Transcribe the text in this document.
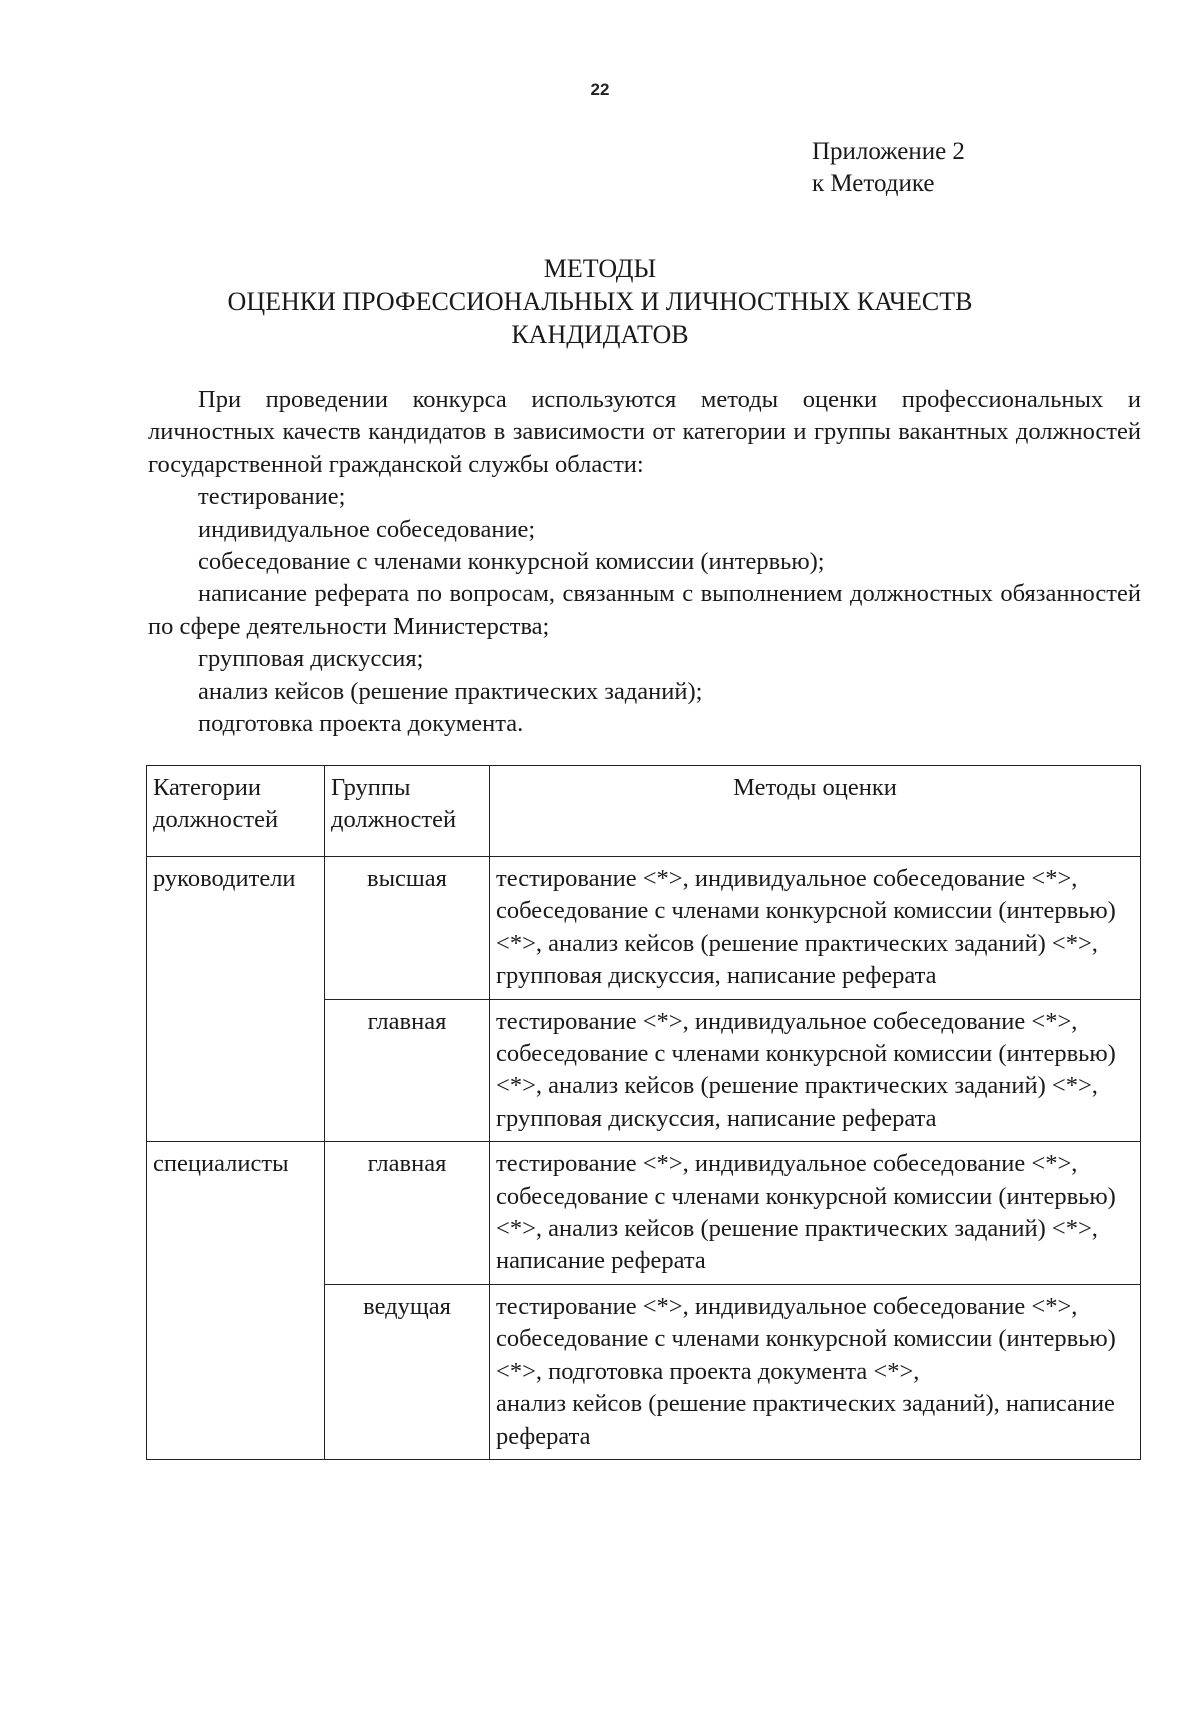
22
Приложение 2
к Методике
МЕТОДЫ
ОЦЕНКИ ПРОФЕССИОНАЛЬНЫХ И ЛИЧНОСТНЫХ КАЧЕСТВ
КАНДИДАТОВ

При проведении конкурса используются методы оценки профессиональных и личностных качеств кандидатов в зависимости от категории и группы вакантных должностей государственной гражданской службы области:

тестирование;

индивидуальное собеседование;

собеседование с членами конкурсной комиссии (интервью);

написание реферата по вопросам, связанным с выполнением должностных обязанностей по сфере деятельности Министерства;

групповая дискуссия;

анализ кейсов (решение практических заданий);

подготовка проекта документа.

Категории должностей	Группы должностей	Методы оценки
руководители	высшая	тестирование <*>, индивидуальное собеседование <*>, собеседование с членами конкурсной комиссии (интервью) <*>, анализ кейсов (решение практических заданий) <*>, групповая дискуссия, написание реферата
	главная	тестирование <*>, индивидуальное собеседование <*>, собеседование с членами конкурсной комиссии (интервью) <*>, анализ кейсов (решение практических заданий) <*>, групповая дискуссия, написание реферата
специалисты	главная	тестирование <*>, индивидуальное собеседование <*>, собеседование с членами конкурсной комиссии (интервью) <*>, анализ кейсов (решение практических заданий) <*>, написание реферата
	ведущая	тестирование <*>, индивидуальное собеседование <*>, собеседование с членами конкурсной комиссии (интервью) <*>, подготовка проекта документа <*>,
анализ кейсов (решение практических заданий), написание реферата
